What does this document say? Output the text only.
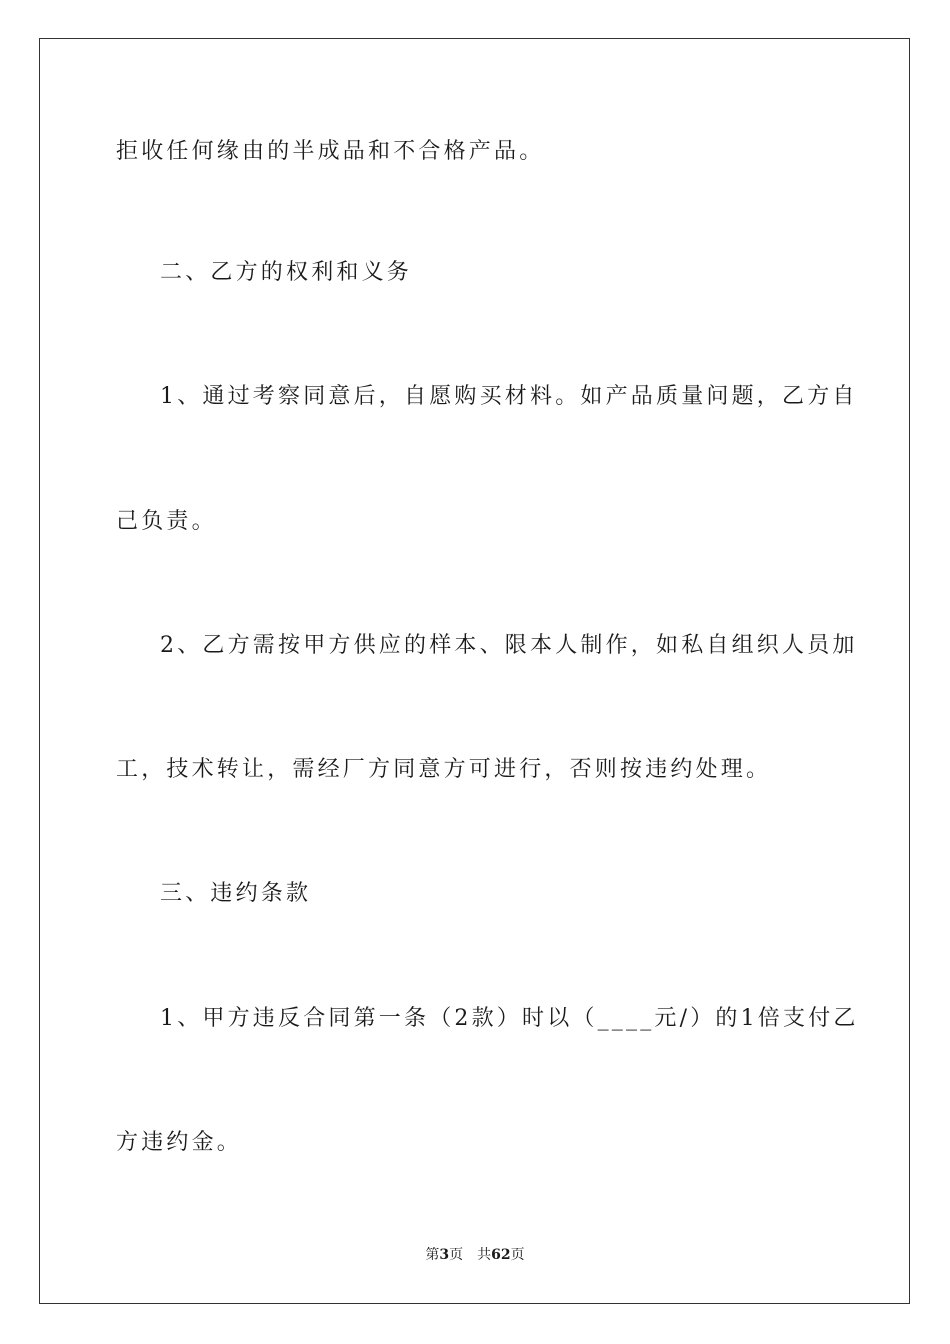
拒收任何缘由的半成品和不合格产品。
二、乙方的权利和义务
1、通过考察同意后，自愿购买材料。如产品质量问题，乙方自
己负责。
2、乙方需按甲方供应的样本、限本人制作，如私自组织人员加
工，技术转让，需经厂方同意方可进行，否则按违约处理。
三、违约条款
1、甲方违反合同第一条（2款）时以（____元/）的1倍支付乙
方违约金。
第3页 共62页
